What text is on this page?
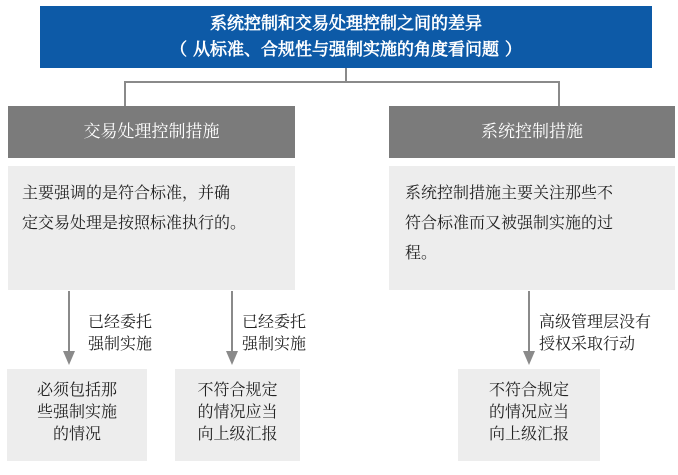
系统控制和交易处理控制之间的差异
（ 从标准、合规性与强制实施的角度看问题 ）
交易处理控制措施	系统控制措施
主要强调的是符合标准，并确
定交易处理是按照标准执行的。
系统控制措施主要关注那些不
符合标准而又被强制实施的过
程。
已经委托
强制实施
已经委托
强制实施
高级管理层没有
授权采取行动
必须包括那
些强制实施
的情况
不符合规定
的情况应当
向上级汇报
不符合规定
的情况应当
向上级汇报
